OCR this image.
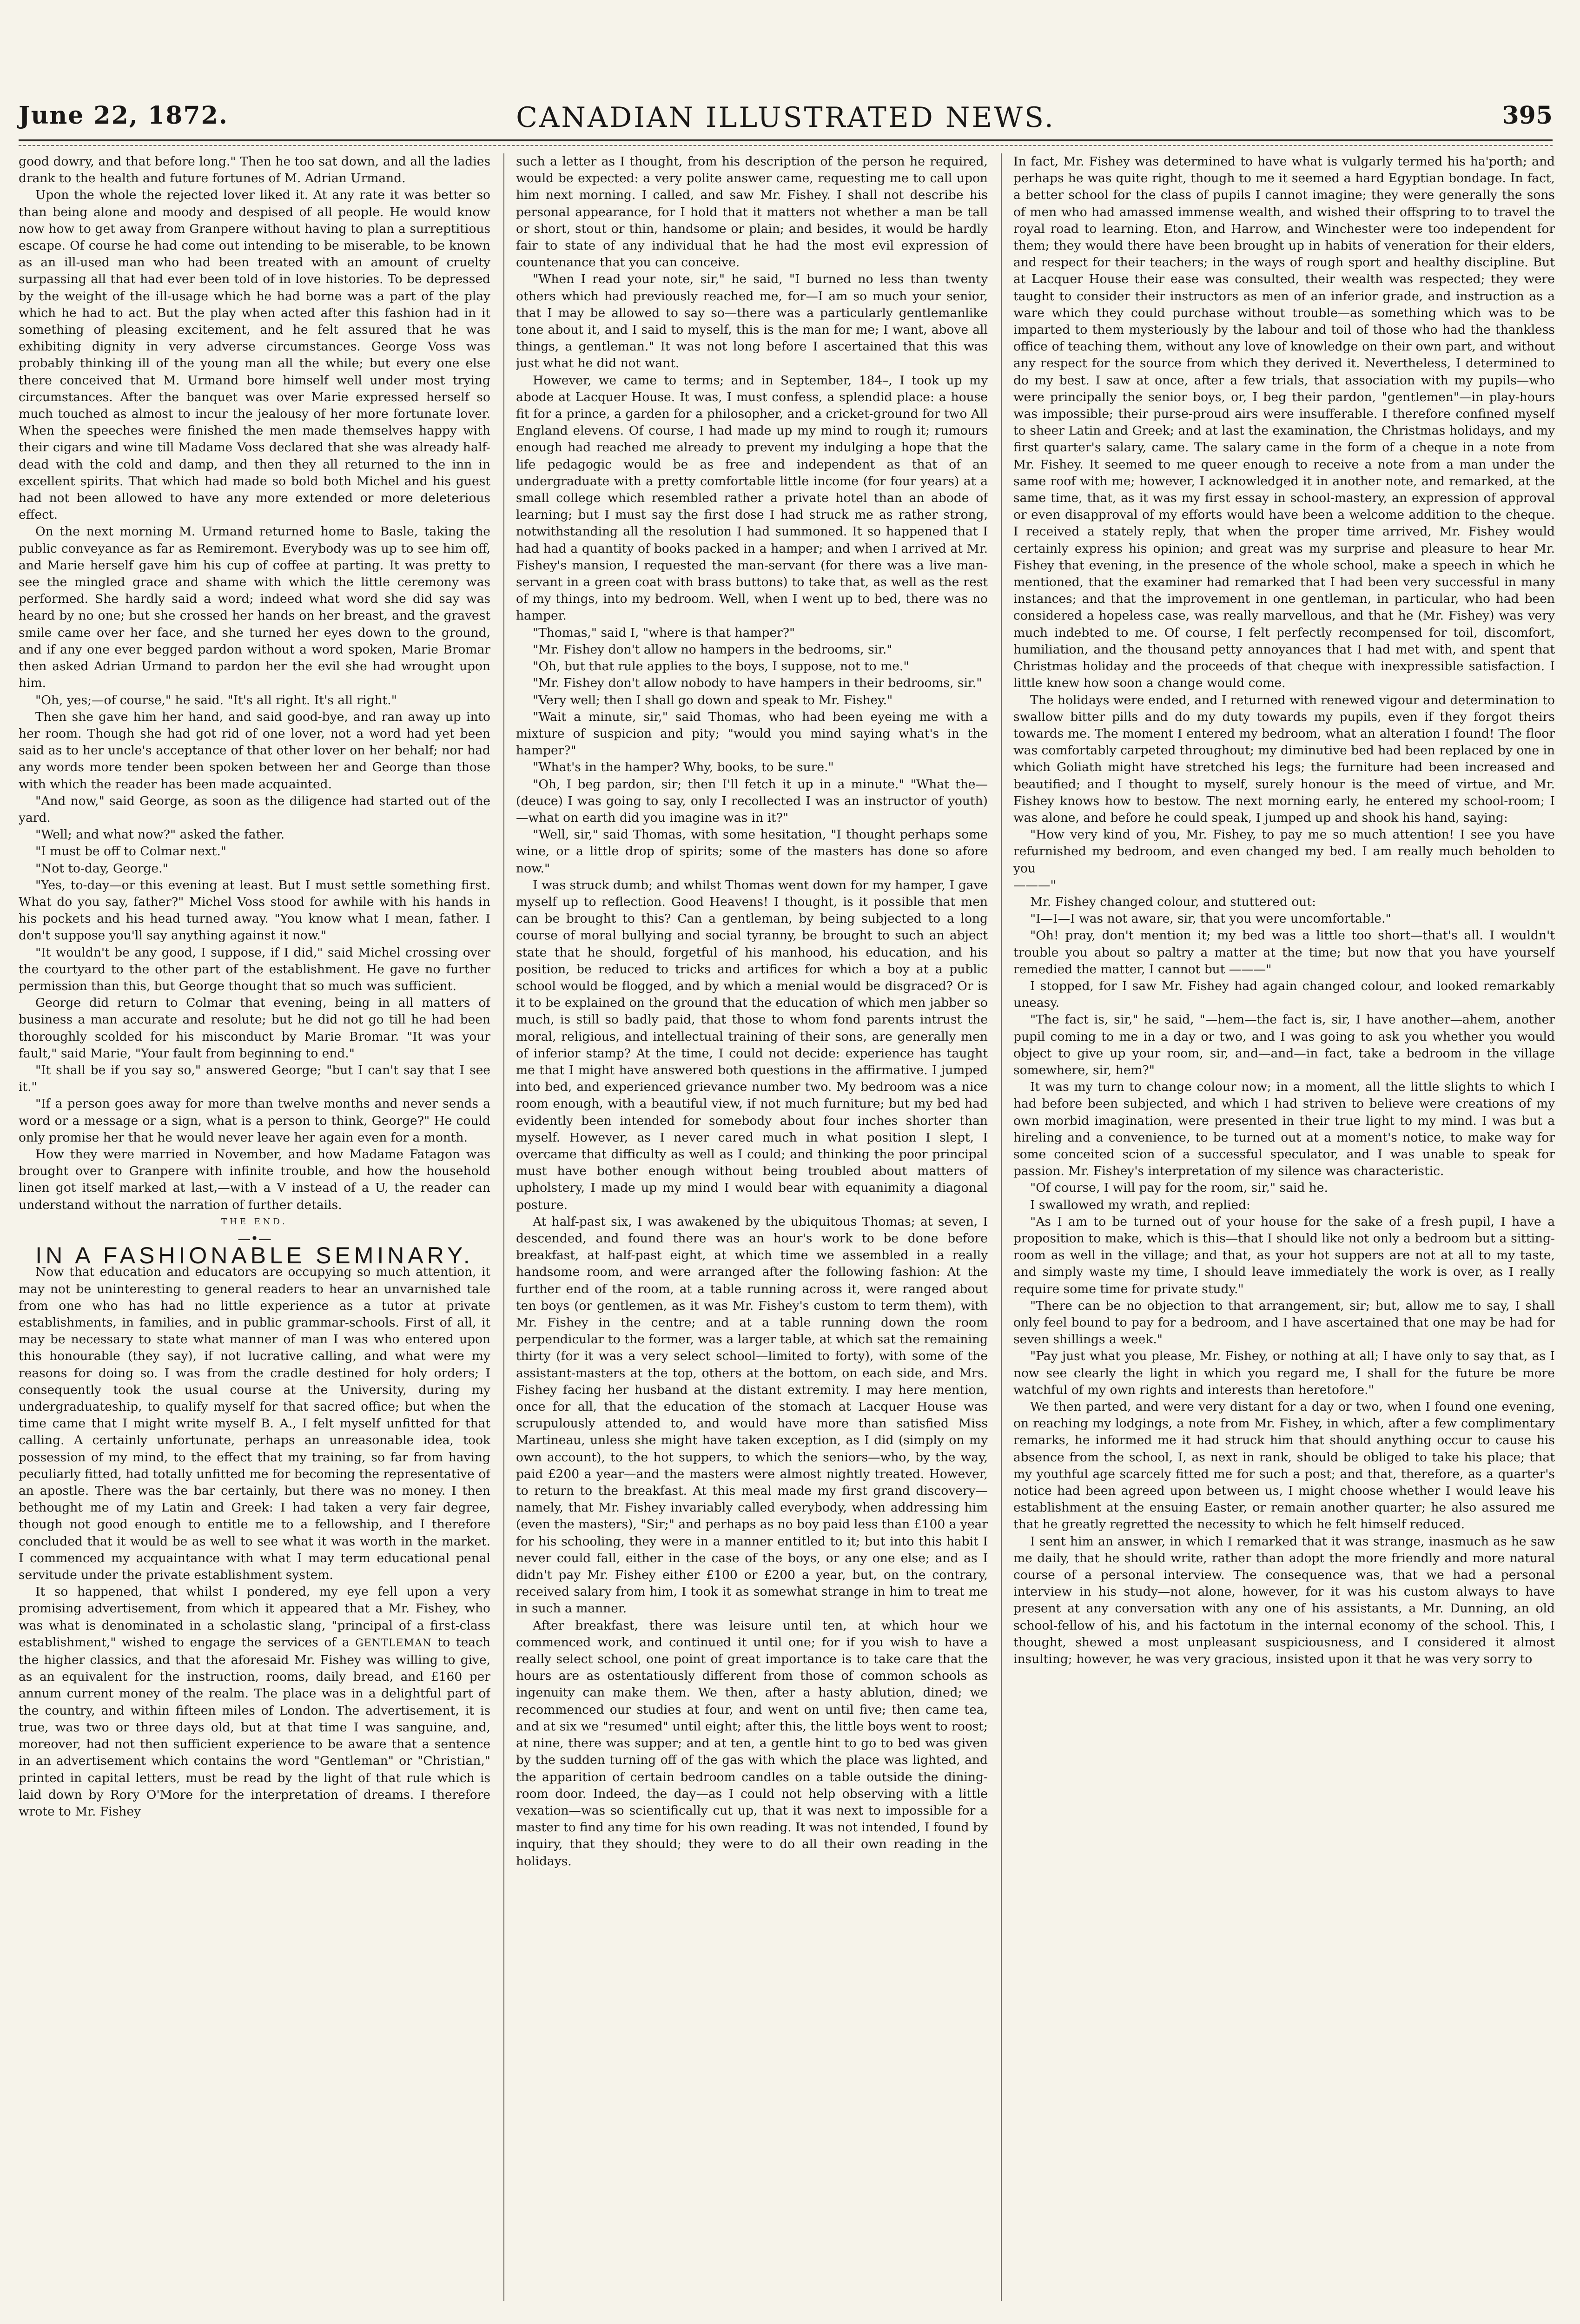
June 22, 1872.	CANADIAN ILLUSTRATED NEWS.	395

good dowry, and that before long." Then he too sat down, and all the ladies drank to the health and future fortunes of M. Adrian Urmand.

Upon the whole the rejected lover liked it. At any rate it was better so than being alone and moody and despised of all people. He would know now how to get away from Granpere without having to plan a surreptitious escape. Of course he had come out intending to be miserable, to be known as an ill-used man who had been treated with an amount of cruelty surpassing all that had ever been told of in love histories. To be depressed by the weight of the ill-usage which he had borne was a part of the play which he had to act. But the play when acted after this fashion had in it something of pleasing excitement, and he felt assured that he was exhibiting dignity in very adverse circumstances. George Voss was probably thinking ill of the young man all the while; but every one else there conceived that M. Urmand bore himself well under most trying circumstances. After the banquet was over Marie expressed herself so much touched as almost to incur the jealousy of her more fortunate lover. When the speeches were finished the men made themselves happy with their cigars and wine till Madame Voss declared that she was already half-dead with the cold and damp, and then they all returned to the inn in excellent spirits. That which had made so bold both Michel and his guest had not been allowed to have any more extended or more deleterious effect.

On the next morning M. Urmand returned home to Basle, taking the public conveyance as far as Remiremont. Everybody was up to see him off, and Marie herself gave him his cup of coffee at parting. It was pretty to see the mingled grace and shame with which the little ceremony was performed. She hardly said a word; indeed what word she did say was heard by no one; but she crossed her hands on her breast, and the gravest smile came over her face, and she turned her eyes down to the ground, and if any one ever begged pardon without a word spoken, Marie Bromar then asked Adrian Urmand to pardon her the evil she had wrought upon him.

"Oh, yes;—of course," he said. "It's all right. It's all right."

Then she gave him her hand, and said good-bye, and ran away up into her room. Though she had got rid of one lover, not a word had yet been said as to her uncle's acceptance of that other lover on her behalf; nor had any words more tender been spoken between her and George than those with which the reader has been made acquainted.

"And now," said George, as soon as the diligence had started out of the yard.

"Well; and what now?" asked the father.

"I must be off to Colmar next."

"Not to-day, George."

"Yes, to-day—or this evening at least. But I must settle something first. What do you say, father?" Michel Voss stood for awhile with his hands in his pockets and his head turned away. "You know what I mean, father. I don't suppose you'll say anything against it now."

"It wouldn't be any good, I suppose, if I did," said Michel crossing over the courtyard to the other part of the establishment. He gave no further permission than this, but George thought that so much was sufficient.

George did return to Colmar that evening, being in all matters of business a man accurate and resolute; but he did not go till he had been thoroughly scolded for his misconduct by Marie Bromar. "It was your fault," said Marie, "Your fault from beginning to end."

"It shall be if you say so," answered George; "but I can't say that I see it."

"If a person goes away for more than twelve months and never sends a word or a message or a sign, what is a person to think, George?" He could only promise her that he would never leave her again even for a month.

How they were married in November, and how Madame Fatagon was brought over to Granpere with infinite trouble, and how the household linen got itself marked at last,—with a V instead of a U, the reader can understand without the narration of further details.

THE END.

—•—

IN A FASHIONABLE SEMINARY.

Now that education and educators are occupying so much attention, it may not be uninteresting to general readers to hear an unvarnished tale from one who has had no little experience as a tutor at private establishments, in families, and in public grammar-schools. First of all, it may be necessary to state what manner of man I was who entered upon this honourable (they say), if not lucrative calling, and what were my reasons for doing so. I was from the cradle destined for holy orders; I consequently took the usual course at the University, during my undergraduateship, to qualify myself for that sacred office; but when the time came that I might write myself B. A., I felt myself unfitted for that calling. A certainly unfortunate, perhaps an unreasonable idea, took possession of my mind, to the effect that my training, so far from having peculiarly fitted, had totally unfitted me for becoming the representative of an apostle. There was the bar certainly, but there was no money. I then bethought me of my Latin and Greek: I had taken a very fair degree, though not good enough to entitle me to a fellowship, and I therefore concluded that it would be as well to see what it was worth in the market. I commenced my acquaintance with what I may term educational penal servitude under the private establishment system.

It so happened, that whilst I pondered, my eye fell upon a very promising advertisement, from which it appeared that a Mr. Fishey, who was what is denominated in a scholastic slang, "principal of a first-class establishment," wished to engage the services of a GENTLEMAN to teach the higher classics, and that the aforesaid Mr. Fishey was willing to give, as an equivalent for the instruction, rooms, daily bread, and £160 per annum current money of the realm. The place was in a delightful part of the country, and within fifteen miles of London. The advertisement, it is true, was two or three days old, but at that time I was sanguine, and, moreover, had not then sufficient experience to be aware that a sentence in an advertisement which contains the word "Gentleman" or "Christian," printed in capital letters, must be read by the light of that rule which is laid down by Rory O'More for the interpretation of dreams. I therefore wrote to Mr. Fishey

such a letter as I thought, from his description of the person he required, would be expected: a very polite answer came, requesting me to call upon him next morning. I called, and saw Mr. Fishey. I shall not describe his personal appearance, for I hold that it matters not whether a man be tall or short, stout or thin, handsome or plain; and besides, it would be hardly fair to state of any individual that he had the most evil expression of countenance that you can conceive.

"When I read your note, sir," he said, "I burned no less than twenty others which had previously reached me, for—I am so much your senior, that I may be allowed to say so—there was a particularly gentlemanlike tone about it, and I said to myself, this is the man for me; I want, above all things, a gentleman." It was not long before I ascertained that this was just what he did not want.

However, we came to terms; and in September, 184–, I took up my abode at Lacquer House. It was, I must confess, a splendid place: a house fit for a prince, a garden for a philosopher, and a cricket-ground for two All England elevens. Of course, I had made up my mind to rough it; rumours enough had reached me already to prevent my indulging a hope that the life pedagogic would be as free and independent as that of an undergraduate with a pretty comfortable little income (for four years) at a small college which resembled rather a private hotel than an abode of learning; but I must say the first dose I had struck me as rather strong, notwithstanding all the resolution I had summoned. It so happened that I had had a quantity of books packed in a hamper; and when I arrived at Mr. Fishey's mansion, I requested the man-servant (for there was a live man-servant in a green coat with brass buttons) to take that, as well as the rest of my things, into my bedroom. Well, when I went up to bed, there was no hamper.

"Thomas," said I, "where is that hamper?"

"Mr. Fishey don't allow no hampers in the bedrooms, sir."

"Oh, but that rule applies to the boys, I suppose, not to me."

"Mr. Fishey don't allow nobody to have hampers in their bedrooms, sir."

"Very well; then I shall go down and speak to Mr. Fishey."

"Wait a minute, sir," said Thomas, who had been eyeing me with a mixture of suspicion and pity; "would you mind saying what's in the hamper?"

"What's in the hamper? Why, books, to be sure."

"Oh, I beg pardon, sir; then I'll fetch it up in a minute." "What the—(deuce) I was going to say, only I recollected I was an instructor of youth)—what on earth did you imagine was in it?"

"Well, sir," said Thomas, with some hesitation, "I thought perhaps some wine, or a little drop of spirits; some of the masters has done so afore now."

I was struck dumb; and whilst Thomas went down for my hamper, I gave myself up to reflection. Good Heavens! I thought, is it possible that men can be brought to this? Can a gentleman, by being subjected to a long course of moral bullying and social tyranny, be brought to such an abject state that he should, forgetful of his manhood, his education, and his position, be reduced to tricks and artifices for which a boy at a public school would be flogged, and by which a menial would be disgraced? Or is it to be explained on the ground that the education of which men jabber so much, is still so badly paid, that those to whom fond parents intrust the moral, religious, and intellectual training of their sons, are generally men of inferior stamp? At the time, I could not decide: experience has taught me that I might have answered both questions in the affirmative. I jumped into bed, and experienced grievance number two. My bedroom was a nice room enough, with a beautiful view, if not much furniture; but my bed had evidently been intended for somebody about four inches shorter than myself. However, as I never cared much in what position I slept, I overcame that difficulty as well as I could; and thinking the poor principal must have bother enough without being troubled about matters of upholstery, I made up my mind I would bear with equanimity a diagonal posture.

At half-past six, I was awakened by the ubiquitous Thomas; at seven, I descended, and found there was an hour's work to be done before breakfast, at half-past eight, at which time we assembled in a really handsome room, and were arranged after the following fashion: At the further end of the room, at a table running across it, were ranged about ten boys (or gentlemen, as it was Mr. Fishey's custom to term them), with Mr. Fishey in the centre; and at a table running down the room perpendicular to the former, was a larger table, at which sat the remaining thirty (for it was a very select school—limited to forty), with some of the assistant-masters at the top, others at the bottom, on each side, and Mrs. Fishey facing her husband at the distant extremity. I may here mention, once for all, that the education of the stomach at Lacquer House was scrupulously attended to, and would have more than satisfied Miss Martineau, unless she might have taken exception, as I did (simply on my own account), to the hot suppers, to which the seniors—who, by the way, paid £200 a year—and the masters were almost nightly treated. However, to return to the breakfast. At this meal made my first grand discovery—namely, that Mr. Fishey invariably called everybody, when addressing him (even the masters), "Sir;" and perhaps as no boy paid less than £100 a year for his schooling, they were in a manner entitled to it; but into this habit I never could fall, either in the case of the boys, or any one else; and as I didn't pay Mr. Fishey either £100 or £200 a year, but, on the contrary, received salary from him, I took it as somewhat strange in him to treat me in such a manner.

After breakfast, there was leisure until ten, at which hour we commenced work, and continued it until one; for if you wish to have a really select school, one point of great importance is to take care that the hours are as ostentatiously different from those of common schools as ingenuity can make them. We then, after a hasty ablution, dined; we recommenced our studies at four, and went on until five; then came tea, and at six we "resumed" until eight; after this, the little boys went to roost; at nine, there was supper; and at ten, a gentle hint to go to bed was given by the sudden turning off of the gas with which the place was lighted, and the apparition of certain bedroom candles on a table outside the dining-room door. Indeed, the day—as I could not help observing with a little vexation—was so scientifically cut up, that it was next to impossible for a master to find any time for his own reading. It was not intended, I found by inquiry, that they should; they were to do all their own reading in the holidays.

In fact, Mr. Fishey was determined to have what is vulgarly termed his ha'porth; and perhaps he was quite right, though to me it seemed a hard Egyptian bondage. In fact, a better school for the class of pupils I cannot imagine; they were generally the sons of men who had amassed immense wealth, and wished their offspring to to travel the royal road to learning. Eton, and Harrow, and Winchester were too independent for them; they would there have been brought up in habits of veneration for their elders, and respect for their teachers; in the ways of rough sport and healthy discipline. But at Lacquer House their ease was consulted, their wealth was respected; they were taught to consider their instructors as men of an inferior grade, and instruction as a ware which they could purchase without trouble—as something which was to be imparted to them mysteriously by the labour and toil of those who had the thankless office of teaching them, without any love of knowledge on their own part, and without any respect for the source from which they derived it. Nevertheless, I determined to do my best. I saw at once, after a few trials, that association with my pupils—who were principally the senior boys, or, I beg their pardon, "gentlemen"—in play-hours was impossible; their purse-proud airs were insufferable. I therefore confined myself to sheer Latin and Greek; and at last the examination, the Christmas holidays, and my first quarter's salary, came. The salary came in the form of a cheque in a note from Mr. Fishey. It seemed to me queer enough to receive a note from a man under the same roof with me; however, I acknowledged it in another note, and remarked, at the same time, that, as it was my first essay in school-mastery, an expression of approval or even disapproval of my efforts would have been a welcome addition to the cheque. I received a stately reply, that when the proper time arrived, Mr. Fishey would certainly express his opinion; and great was my surprise and pleasure to hear Mr. Fishey that evening, in the presence of the whole school, make a speech in which he mentioned, that the examiner had remarked that I had been very successful in many instances; and that the improvement in one gentleman, in particular, who had been considered a hopeless case, was really marvellous, and that he (Mr. Fishey) was very much indebted to me. Of course, I felt perfectly recompensed for toil, discomfort, humiliation, and the thousand petty annoyances that I had met with, and spent that Christmas holiday and the proceeds of that cheque with inexpressible satisfaction. I little knew how soon a change would come.

The holidays were ended, and I returned with renewed vigour and determination to swallow bitter pills and do my duty towards my pupils, even if they forgot theirs towards me. The moment I entered my bedroom, what an alteration I found! The floor was comfortably carpeted throughout; my diminutive bed had been replaced by one in which Goliath might have stretched his legs; the furniture had been increased and beautified; and I thought to myself, surely honour is the meed of virtue, and Mr. Fishey knows how to bestow. The next morning early, he entered my school-room; I was alone, and before he could speak, I jumped up and shook his hand, saying:

"How very kind of you, Mr. Fishey, to pay me so much attention! I see you have refurnished my bedroom, and even changed my bed. I am really much beholden to you

———"

Mr. Fishey changed colour, and stuttered out:

"I—I—I was not aware, sir, that you were uncomfortable."

"Oh! pray, don't mention it; my bed was a little too short—that's all. I wouldn't trouble you about so paltry a matter at the time; but now that you have yourself remedied the matter, I cannot but ———"

I stopped, for I saw Mr. Fishey had again changed colour, and looked remarkably uneasy.

"The fact is, sir," he said, "—hem—the fact is, sir, I have another—ahem, another pupil coming to me in a day or two, and I was going to ask you whether you would object to give up your room, sir, and—and—in fact, take a bedroom in the village somewhere, sir, hem?"

It was my turn to change colour now; in a moment, all the little slights to which I had before been subjected, and which I had striven to believe were creations of my own morbid imagination, were presented in their true light to my mind. I was but a hireling and a convenience, to be turned out at a moment's notice, to make way for some conceited scion of a successful speculator, and I was unable to speak for passion. Mr. Fishey's interpretation of my silence was characteristic.

"Of course, I will pay for the room, sir," said he.

I swallowed my wrath, and replied:

"As I am to be turned out of your house for the sake of a fresh pupil, I have a proposition to make, which is this—that I should like not only a bedroom but a sitting-room as well in the village; and that, as your hot suppers are not at all to my taste, and simply waste my time, I should leave immediately the work is over, as I really require some time for private study."

"There can be no objection to that arrangement, sir; but, allow me to say, I shall only feel bound to pay for a bedroom, and I have ascertained that one may be had for seven shillings a week."

"Pay just what you please, Mr. Fishey, or nothing at all; I have only to say that, as I now see clearly the light in which you regard me, I shall for the future be more watchful of my own rights and interests than heretofore."

We then parted, and were very distant for a day or two, when I found one evening, on reaching my lodgings, a note from Mr. Fishey, in which, after a few complimentary remarks, he informed me it had struck him that should anything occur to cause his absence from the school, I, as next in rank, should be obliged to take his place; that my youthful age scarcely fitted me for such a post; and that, therefore, as a quarter's notice had been agreed upon between us, I might choose whether I would leave his establishment at the ensuing Easter, or remain another quarter; he also assured me that he greatly regretted the necessity to which he felt himself reduced.

I sent him an answer, in which I remarked that it was strange, inasmuch as he saw me daily, that he should write, rather than adopt the more friendly and more natural course of a personal interview. The consequence was, that we had a personal interview in his study—not alone, however, for it was his custom always to have present at any conversation with any one of his assistants, a Mr. Dunning, an old school-fellow of his, and his factotum in the internal economy of the school. This, I thought, shewed a most unpleasant suspiciousness, and I considered it almost insulting; however, he was very gracious, insisted upon it that he was very sorry to
